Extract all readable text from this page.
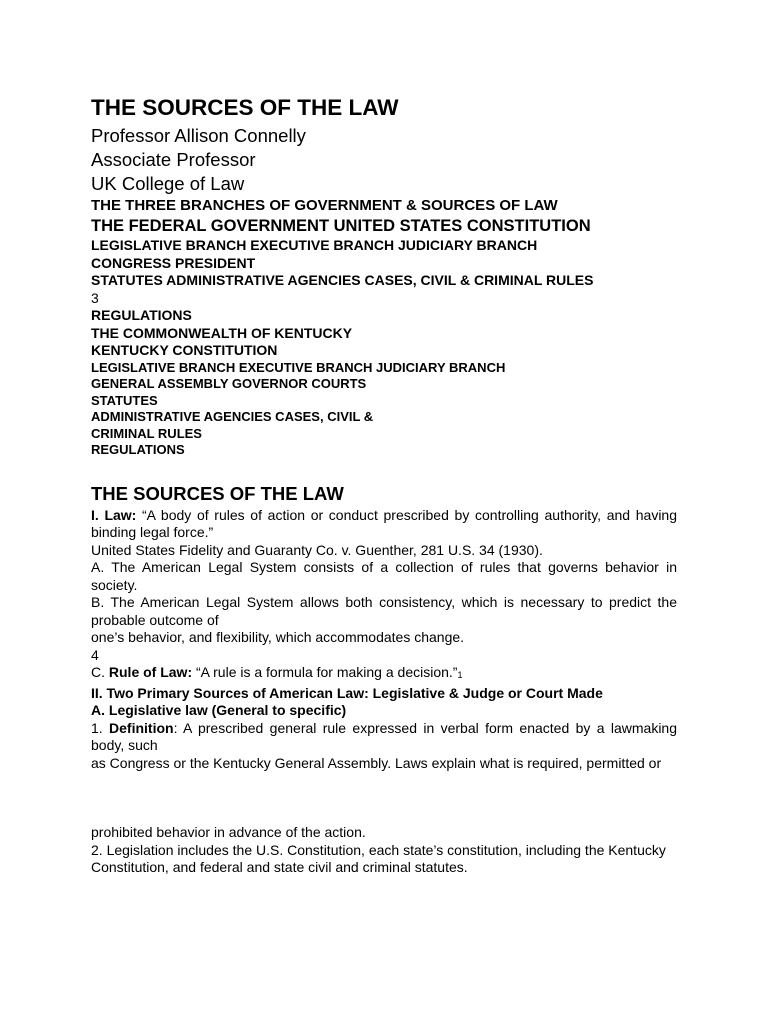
THE SOURCES OF THE LAW
Professor Allison Connelly
Associate Professor
UK College of Law
THE THREE BRANCHES OF GOVERNMENT & SOURCES OF LAW
THE FEDERAL GOVERNMENT UNITED STATES CONSTITUTION
LEGISLATIVE BRANCH EXECUTIVE BRANCH JUDICIARY BRANCH
CONGRESS PRESIDENT
STATUTES ADMINISTRATIVE AGENCIES CASES, CIVIL & CRIMINAL RULES
3
REGULATIONS
THE COMMONWEALTH OF KENTUCKY
KENTUCKY CONSTITUTION
LEGISLATIVE BRANCH EXECUTIVE BRANCH JUDICIARY BRANCH
GENERAL ASSEMBLY GOVERNOR COURTS
STATUTES
ADMINISTRATIVE AGENCIES CASES, CIVIL &
CRIMINAL RULES
REGULATIONS
THE SOURCES OF THE LAW
I. Law: “A body of rules of action or conduct prescribed by controlling authority, and having binding legal force.”
United States Fidelity and Guaranty Co. v. Guenther, 281 U.S. 34 (1930).
A. The American Legal System consists of a collection of rules that governs behavior in society.
B. The American Legal System allows both consistency, which is necessary to predict the probable outcome of
one’s behavior, and flexibility, which accommodates change.
4
C. Rule of Law: “A rule is a formula for making a decision.”1
II. Two Primary Sources of American Law: Legislative & Judge or Court Made
A. Legislative law (General to specific)
1. Definition: A prescribed general rule expressed in verbal form enacted by a lawmaking body, such
as Congress or the Kentucky General Assembly. Laws explain what is required, permitted or
prohibited behavior in advance of the action.
2. Legislation includes the U.S. Constitution, each state’s constitution, including the Kentucky
Constitution, and federal and state civil and criminal statutes.
